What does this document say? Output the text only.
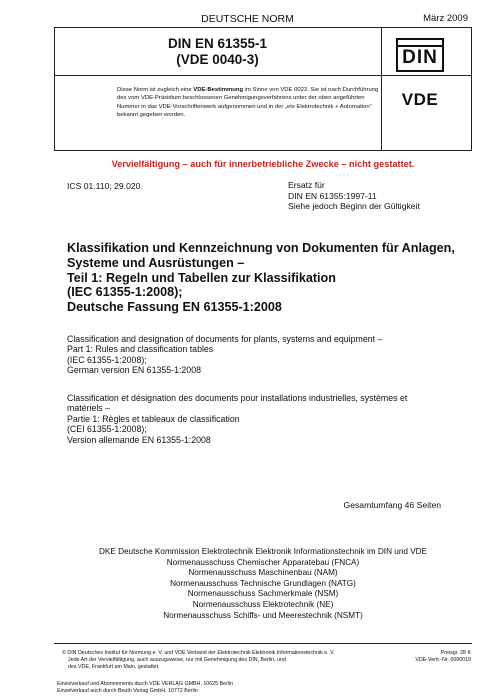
DEUTSCHE NORM	März 2009
DIN EN 61355-1
(VDE 0040-3)	DIN
VDE
Diese Norm ist zugleich eine VDE-Bestimmung im Sinne von VDE 0022. Sie ist nach Durchführung des vom VDE-Präsidium beschlossenen Genehmigungsverfahrens unter der oben angeführten Nummer in das VDE-Vorschriftenwerk aufgenommen und in der „etz Elektrotechnik + Automation“ bekannt gegeben worden.
Vervielfältigung – auch für innerbetriebliche Zwecke – nicht gestattet.
ICS 01.110; 29.020	Ersatz für
DIN EN 61355:1997-11
Siehe jedoch Beginn der Gültigkeit
Klassifikation und Kennzeichnung von Dokumenten für Anlagen,
Systeme und Ausrüstungen –
Teil 1: Regeln und Tabellen zur Klassifikation
(IEC 61355-1:2008);
Deutsche Fassung EN 61355-1:2008
Classification and designation of documents for plants, systems and equipment –
Part 1: Rules and classification tables
(IEC 61355-1:2008);
German version EN 61355-1:2008
Classification et désignation des documents pour installations industrielles, systèmes et
matériels –
Partie 1: Règles et tableaux de classification
(CEI 61355-1:2008);
Version allemande EN 61355-1:2008
Gesamtumfang 46 Seiten
DKE Deutsche Kommission Elektrotechnik Elektronik Informationstechnik im DIN und VDE
Normenausschuss Chemischer Apparatebau (FNCA)
Normenausschuss Maschinenbau (NAM)
Normenausschuss Technische Grundlagen (NATG)
Normenausschuss Sachmerkmale (NSM)
Normenausschuss Elektrotechnik (NE)
Normenausschuss Schiffs- und Meerestechnik (NSMT)
© DIN Deutsches Institut für Normung e. V. und VDE Verband der Elektrotechnik Elektronik Informationstechnik e. V.
Jede Art der Vervielfältigung, auch auszugsweise, nur mit Genehmigung des DIN, Berlin, und
des VDE, Frankfurt am Main, gestattet.
Preisgr. 28 K
VDE-Vertr.-Nr. 0090019
Einzelverkauf und Abonnements durch VDE VERLAG GMBH, 10625 Berlin
Einzelverkauf auch durch Beuth Verlag GmbH, 10772 Berlin
